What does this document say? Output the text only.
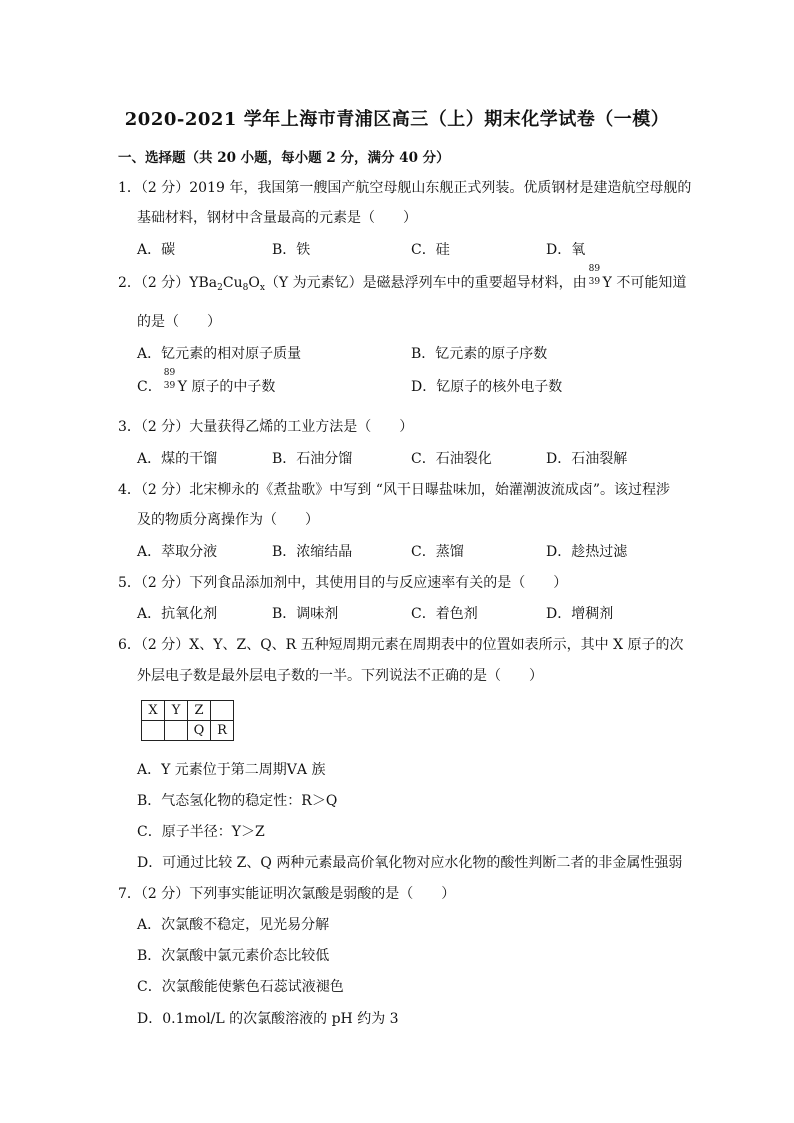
2020-2021 学年上海市青浦区高三（上）期末化学试卷（一模）
一、选择题（共 20 小题，每小题 2 分，满分 40 分）
1．（2 分）2019 年，我国第一艘国产航空母舰山东舰正式列装。优质钢材是建造航空母舰的
基础材料，钢材中含量最高的元素是（　　）
A．碳	B．铁	C．硅	D．氧
2．（2 分）$YBa_2Cu_8O_x(Y$ 为元素钇）是磁悬浮列车中的重要超导材料，由
89
39 Y 不可能知道
的是（　　）
A．钇元素的相对原子质量	B．钇元素的原子序数
C．
89
39 Y 原子的中子数	D．钇原子的核外电子数
3．（2 分）大量获得乙烯的工业方法是（　　）
A．煤的干馏	B．石油分馏	C．石油裂化	D．石油裂解
4．（2 分）北宋柳永的《煮盐歌》中写到 “风干日曝盐味加，始灌潮波流成卤”。该过程涉
及的物质分离操作为（　　）
A．萃取分液	B．浓缩结晶	C．蒸馏	D．趁热过滤
5．（2 分）下列食品添加剂中，其使用目的与反应速率有关的是（　　）
A．抗氧化剂	B．调味剂	C．着色剂	D．增稠剂
6．（2 分）X、Y、Z、Q、R 五种短周期元素在周期表中的位置如表所示，其中 X 原子的次
外层电子数是最外层电子数的一半。下列说法不正确的是（　　）
X	Y	Z	
		Q	R
A．Y 元素位于第二周期ⅤA 族
B．气态氢化物的稳定性：R＞Q
C．原子半径：Y＞Z
D．可通过比较 Z、Q 两种元素最高价氧化物对应水化物的酸性判断二者的非金属性强弱
7．（2 分）下列事实能证明次氯酸是弱酸的是（　　）
A．次氯酸不稳定，见光易分解
B．次氯酸中氯元素价态比较低
C．次氯酸能使紫色石蕊试液褪色
D．0.1mol/L 的次氯酸溶液的 pH 约为 3
